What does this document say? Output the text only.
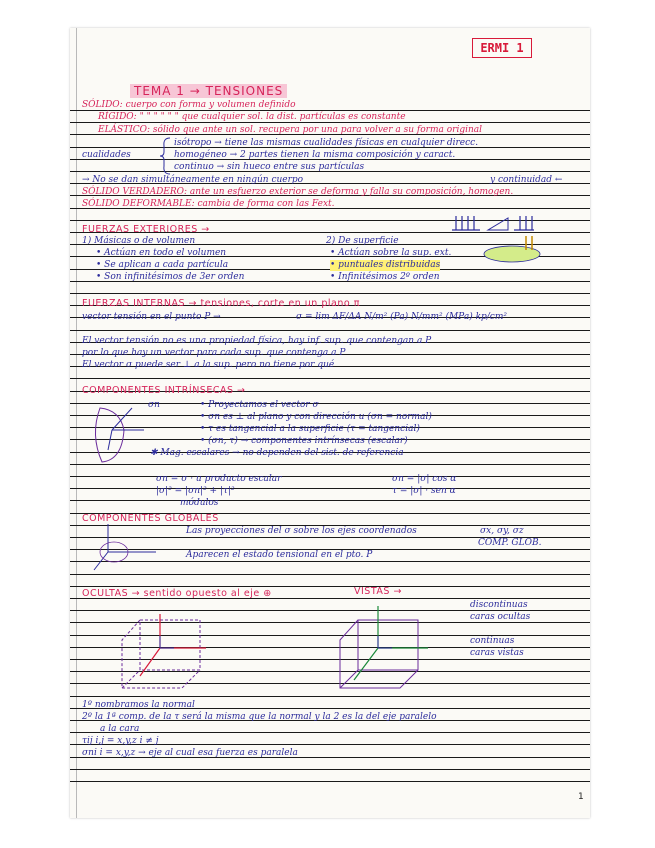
ERMI 1
TEMA 1 → TENSIONES
SÓLIDO: cuerpo con forma y volumen definido
RÍGIDO: " " " " " " que cualquier sol. la dist. partículas es constante
ELÁSTICO: sólido que ante un sol. recupera por una para volver a su forma original
cualidades
isótropo → tiene las mismas cualidades físicas en cualquier direcc.
homogéneo → 2 partes tienen la misma composición y caract.
continuo → sin hueco entre sus partículas
→ No se dan simultáneamente en ningún cuerpo	y continuidad ←
SÓLIDO VERDADERO: ante un esfuerzo exterior se deforma y falla su composición, homogen.
SÓLIDO DEFORMABLE: cambia de forma con las Fext.
FUERZAS EXTERIORES →
1) Másicas o de volumen	2) De superficie
• Actúan en todo el volumen
• Se aplican a cada partícula
• Son infinitésimos de 3er orden
• Actúan sobre la sup. ext.
• puntuales distribuidas
• Infinitésimos 2º orden
FUERZAS INTERNAS → tensiones, corte en un plano π
vector tensión en el punto P →	σ = lim ΔF/ΔA N/m² (Pa) N/mm² (MPa) kp/cm²
El vector tensión no es una propiedad física, hay inf. sup. que contengan a P
por lo que hay un vector para cada sup. que contenga a P
El vector σ puede ser ⊥ a la sup. pero no tiene por qué
COMPONENTES INTRÍNSECAS →
σn	• Proyectamos el vector σ
• σn es ⊥ al plano y con dirección u (σn = normal)
• τ es tangencial a la superficie (τ = tangencial)
• (σn, τ) → componentes intrínsecas (escalar)
✱ Mag. escalares → no dependen del sist. de referencia
σn = σ · u producto escalar
|σ|² = |σn|² + |τ|²
módulos
σn = |σ| cos α
τ = |σ| · sen α
COMPONENTES GLOBALES
Las proyecciones del σ sobre los ejes coordenados	σx, σy, σz
COMP. GLOB.
Aparecen el estado tensional en el pto. P
OCULTAS → sentido opuesto al eje ⊕	VISTAS →
discontinuas
caras ocultas
continuas
caras vistas
1º nombramos la normal
2º la 1ª comp. de la τ será la misma que la normal y la 2 es la del eje paralelo
a la cara
τij i,j = x,y,z i ≠ j
σni i = x,y,z → eje al cual esa fuerza es paralela
1
